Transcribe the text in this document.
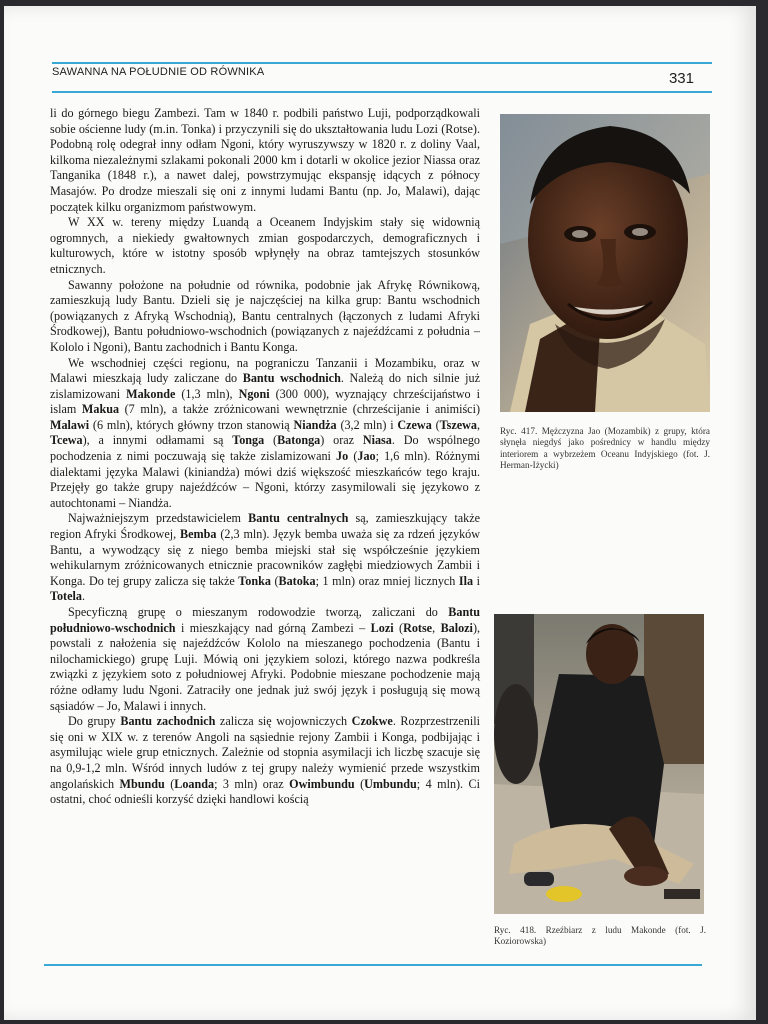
SAWANNA NA POŁUDNIE OD RÓWNIKA	331

li do górnego biegu Zambezi. Tam w 1840 r. podbili państwo Luji, podporządkowali sobie ościenne ludy (m.in. Tonka) i przyczynili się do ukształtowania ludu Lozi (Rotse). Podobną rolę odegrał inny odłam Ngoni, który wyruszywszy w 1820 r. z doliny Vaal, kilkoma niezależnymi szlakami pokonali 2000 km i dotarli w okolice jezior Niassa oraz Tanganika (1848 r.), a nawet dalej, powstrzymując ekspansję idących z północy Masajów. Po drodze mieszali się oni z innymi ludami Bantu (np. Jo, Malawi), dając początek kilku organizmom państwowym.

W XX w. tereny między Luandą a Oceanem Indyjskim stały się widownią ogromnych, a niekiedy gwałtownych zmian gospodarczych, demograficznych i kulturowych, które w istotny sposób wpłynęły na obraz tamtejszych stosunków etnicznych.

Sawanny położone na południe od równika, podobnie jak Afrykę Równikową, zamieszkują ludy Bantu. Dzieli się je najczęściej na kilka grup: Bantu wschodnich (powiązanych z Afryką Wschodnią), Bantu centralnych (łączonych z ludami Afryki Środkowej), Bantu południowo-wschodnich (powiązanych z najeźdźcami z południa – Kololo i Ngoni), Bantu zachodnich i Bantu Konga.

We wschodniej części regionu, na pograniczu Tanzanii i Mozambiku, oraz w Malawi mieszkają ludy zaliczane do Bantu wschodnich. Należą do nich silnie już zislamizowani Makonde (1,3 mln), Ngoni (300 000), wyznający chrześcijaństwo i islam Makua (7 mln), a także zróżnicowani wewnętrznie (chrześcijanie i animiści) Malawi (6 mln), których główny trzon stanowią Niandża (3,2 mln) i Czewa (Tszewa, Tcewa), a innymi odłamami są Tonga (Batonga) oraz Niasa. Do wspólnego pochodzenia z nimi poczuwają się także zislamizowani Jo (Jao; 1,6 mln). Różnymi dialektami języka Malawi (kiniandża) mówi dziś większość mieszkańców tego kraju. Przejęły go także grupy najeźdźców – Ngoni, którzy zasymilowali się językowo z autochtonami – Niandża.

Najważniejszym przedstawicielem Bantu centralnych są, zamieszkujący także region Afryki Środkowej, Bemba (2,3 mln). Język bemba uważa się za rdzeń języków Bantu, a wywodzący się z niego bemba miejski stał się współcześnie językiem wehikularnym zróżnicowanych etnicznie pracowników zagłębi miedziowych Zambii i Konga. Do tej grupy zalicza się także Tonka (Batoka; 1 mln) oraz mniej licznych Ila i Totela.

Specyficzną grupę o mieszanym rodowodzie tworzą, zaliczani do Bantu południowo-wschodnich i mieszkający nad górną Zambezi – Lozi (Rotse, Balozi), powstali z nałożenia się najeźdźców Kololo na mieszanego pochodzenia (Bantu i nilochamickiego) grupę Luji. Mówią oni językiem solozi, którego nazwa podkreśla związki z językiem soto z południowej Afryki. Podobnie mieszane pochodzenie mają różne odłamy ludu Ngoni. Zatraciły one jednak już swój język i posługują się mową sąsiadów – Jo, Malawi i innych.

Do grupy Bantu zachodnich zalicza się wojowniczych Czokwe. Rozprzestrzenili się oni w XIX w. z terenów Angoli na sąsiednie rejony Zambii i Konga, podbijając i asymilując wiele grup etnicznych. Zależnie od stopnia asymilacji ich liczbę szacuje się na 0,9-1,2 mln. Wśród innych ludów z tej grupy należy wymienić przede wszystkim angolańskich Mbundu (Loanda; 3 mln) oraz Owimbundu (Umbundu; 4 mln). Ci ostatni, choć odnieśli korzyść dzięki handlowi kością

Ryc. 417. Mężczyzna Jao (Mozambik) z grupy, która słynęła niegdyś jako pośrednicy w handlu między interiorem a wybrzeżem Oceanu Indyjskiego (fot. J. Herman-Iżycki)
Ryc. 418. Rzeźbiarz z ludu Makonde (fot. J. Koziorowska)
